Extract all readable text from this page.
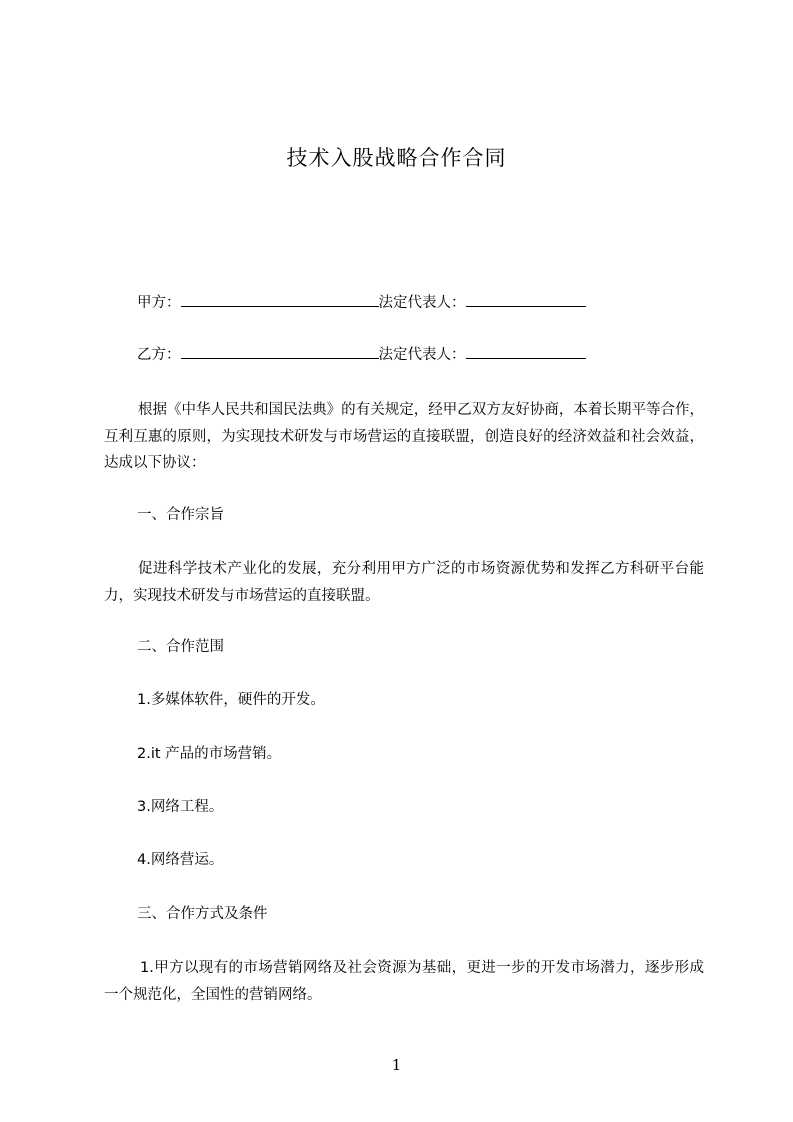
技术入股战略合作合同
甲方：	法定代表人：
乙方：	法定代表人：
根据《中华人民共和国民法典》的有关规定，经甲乙双方友好协商，本着长期平等合作，互利互惠的原则，为实现技术研发与市场营运的直接联盟，创造良好的经济效益和社会效益，达成以下协议：
一、合作宗旨
促进科学技术产业化的发展，充分利用甲方广泛的市场资源优势和发挥乙方科研平台能力，实现技术研发与市场营运的直接联盟。
二、合作范围
1.多媒体软件，硬件的开发。
2.it 产品的市场营销。
3.网络工程。
4.网络营运。
三、合作方式及条件
1.甲方以现有的市场营销网络及社会资源为基础，更进一步的开发市场潜力，逐步形成一个规范化，全国性的营销网络。
1
